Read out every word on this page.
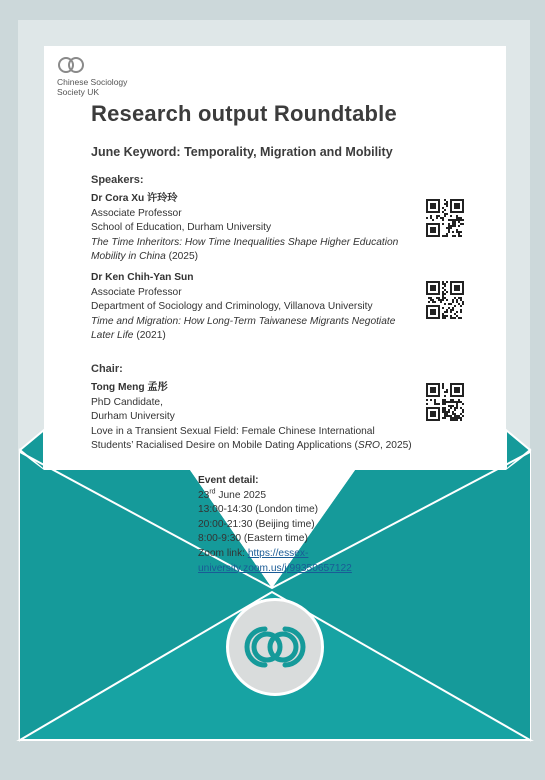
Chinese Sociology
Society UK
Research output Roundtable
June Keyword: Temporality, Migration and Mobility
Speakers:
Dr Cora Xu 许玲玲
Associate Professor
School of Education, Durham University
The Time Inheritors: How Time Inequalities Shape Higher Education
Mobility in China (2025)
Dr Ken Chih-Yan Sun
Associate Professor
Department of Sociology and Criminology, Villanova University
Time and Migration: How Long-Term Taiwanese Migrants Negotiate
Later Life (2021)
Chair:
Tong Meng 孟彤
PhD Candidate,
Durham University
Love in a Transient Sexual Field: Female Chinese International
Students’ Racialised Desire on Mobile Dating Applications (SRO, 2025)
Event detail:
23rd June 2025
13:00-14:30 (London time)
20:00-21:30 (Beijing time)
8:00-9:30 (Eastern time)
Zoom link: https://essex-
university.zoom.us/j/99350657122
